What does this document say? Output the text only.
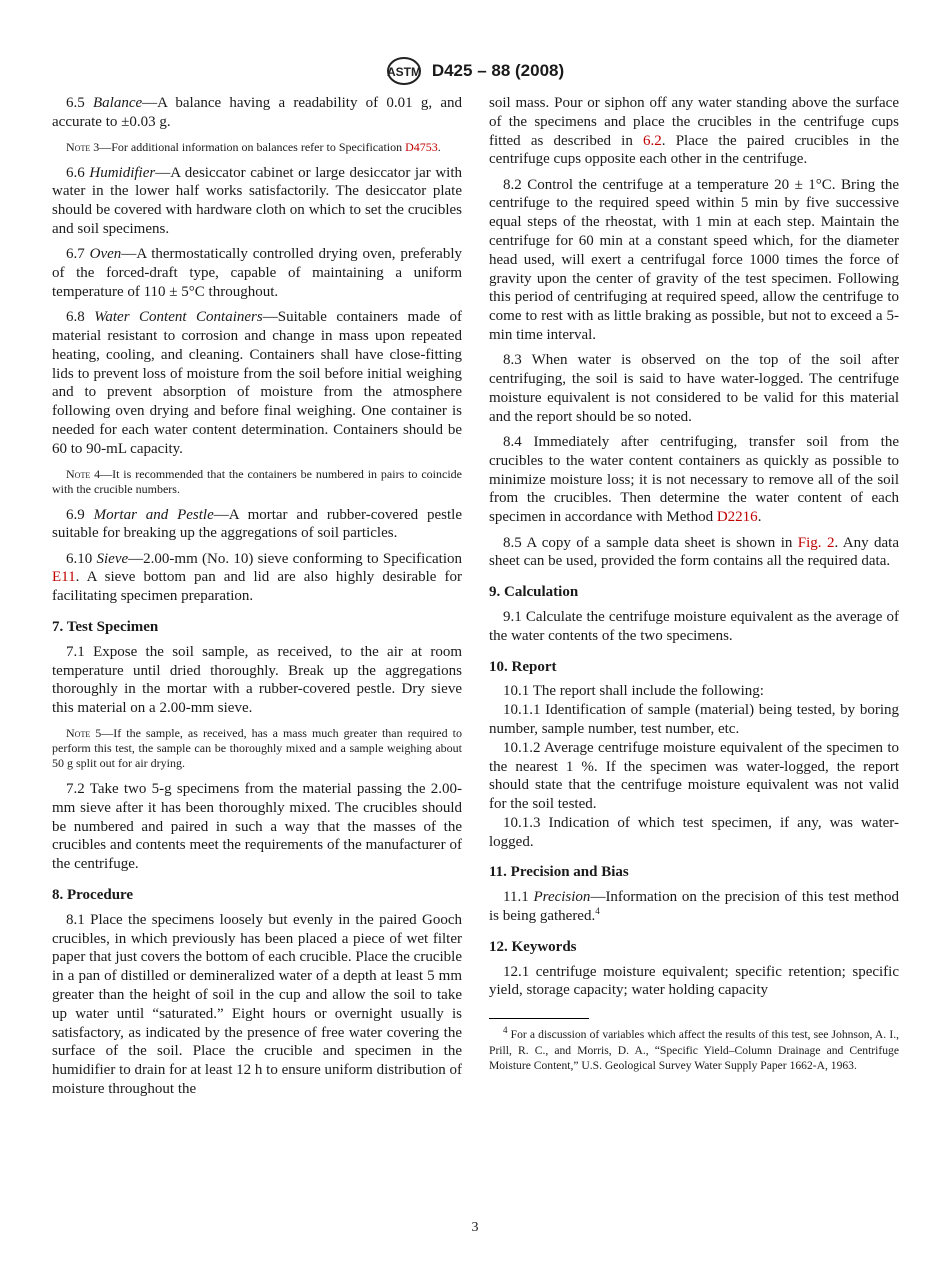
ASTM D425 – 88 (2008)

6.5 Balance—A balance having a readability of 0.01 g, and accurate to ±0.03 g.

Note 3—For additional information on balances refer to Specification D4753.

6.6 Humidifier—A desiccator cabinet or large desiccator jar with water in the lower half works satisfactorily. The desiccator plate should be covered with hardware cloth on which to set the crucibles and soil specimens.

6.7 Oven—A thermostatically controlled drying oven, preferably of the forced-draft type, capable of maintaining a uniform temperature of 110 ± 5°C throughout.

6.8 Water Content Containers—Suitable containers made of material resistant to corrosion and change in mass upon repeated heating, cooling, and cleaning. Containers shall have close-fitting lids to prevent loss of moisture from the soil before initial weighing and to prevent absorption of moisture from the atmosphere following oven drying and before final weighing. One container is needed for each water content determination. Containers should be 60 to 90-mL capacity.

Note 4—It is recommended that the containers be numbered in pairs to coincide with the crucible numbers.

6.9 Mortar and Pestle—A mortar and rubber-covered pestle suitable for breaking up the aggregations of soil particles.

6.10 Sieve—2.00-mm (No. 10) sieve conforming to Specification E11. A sieve bottom pan and lid are also highly desirable for facilitating specimen preparation.

7. Test Specimen

7.1 Expose the soil sample, as received, to the air at room temperature until dried thoroughly. Break up the aggregations thoroughly in the mortar with a rubber-covered pestle. Dry sieve this material on a 2.00-mm sieve.

Note 5—If the sample, as received, has a mass much greater than required to perform this test, the sample can be thoroughly mixed and a sample weighing about 50 g split out for air drying.

7.2 Take two 5-g specimens from the material passing the 2.00-mm sieve after it has been thoroughly mixed. The crucibles should be numbered and paired in such a way that the masses of the crucibles and contents meet the requirements of the manufacturer of the centrifuge.

8. Procedure

8.1 Place the specimens loosely but evenly in the paired Gooch crucibles, in which previously has been placed a piece of wet filter paper that just covers the bottom of each crucible. Place the crucible in a pan of distilled or demineralized water of a depth at least 5 mm greater than the height of soil in the cup and allow the soil to take up water until “saturated.” Eight hours or overnight usually is satisfactory, as indicated by the presence of free water covering the surface of the soil. Place the crucible and specimen in the humidifier to drain for at least 12 h to ensure uniform distribution of moisture throughout the

soil mass. Pour or siphon off any water standing above the surface of the specimens and place the crucibles in the centrifuge cups fitted as described in 6.2. Place the paired crucibles in the centrifuge cups opposite each other in the centrifuge.

8.2 Control the centrifuge at a temperature 20 ± 1°C. Bring the centrifuge to the required speed within 5 min by five successive equal steps of the rheostat, with 1 min at each step. Maintain the centrifuge for 60 min at a constant speed which, for the diameter head used, will exert a centrifugal force 1000 times the force of gravity upon the center of gravity of the test specimen. Following this period of centrifuging at required speed, allow the centrifuge to come to rest with as little braking as possible, but not to exceed a 5-min time interval.

8.3 When water is observed on the top of the soil after centrifuging, the soil is said to have water-logged. The centrifuge moisture equivalent is not considered to be valid for this material and the report should be so noted.

8.4 Immediately after centrifuging, transfer soil from the crucibles to the water content containers as quickly as possible to minimize moisture loss; it is not necessary to remove all of the soil from the crucibles. Then determine the water content of each specimen in accordance with Method D2216.

8.5 A copy of a sample data sheet is shown in Fig. 2. Any data sheet can be used, provided the form contains all the required data.

9. Calculation

9.1 Calculate the centrifuge moisture equivalent as the average of the water contents of the two specimens.

10. Report

10.1 The report shall include the following:

10.1.1 Identification of sample (material) being tested, by boring number, sample number, test number, etc.

10.1.2 Average centrifuge moisture equivalent of the specimen to the nearest 1 %. If the specimen was water-logged, the report should state that the centrifuge moisture equivalent was not valid for the soil tested.

10.1.3 Indication of which test specimen, if any, was water-logged.

11. Precision and Bias

11.1 Precision—Information on the precision of this test method is being gathered.$^4$

12. Keywords

12.1 centrifuge moisture equivalent; specific retention; specific yield, storage capacity; water holding capacity

$^4$ For a discussion of variables which affect the results of this test, see Johnson, A. I., Prill, R. C., and Morris, D. A., “Specific Yield–Column Drainage and Centrifuge Moisture Content,” U.S. Geological Survey Water Supply Paper 1662-A, 1963.

3
